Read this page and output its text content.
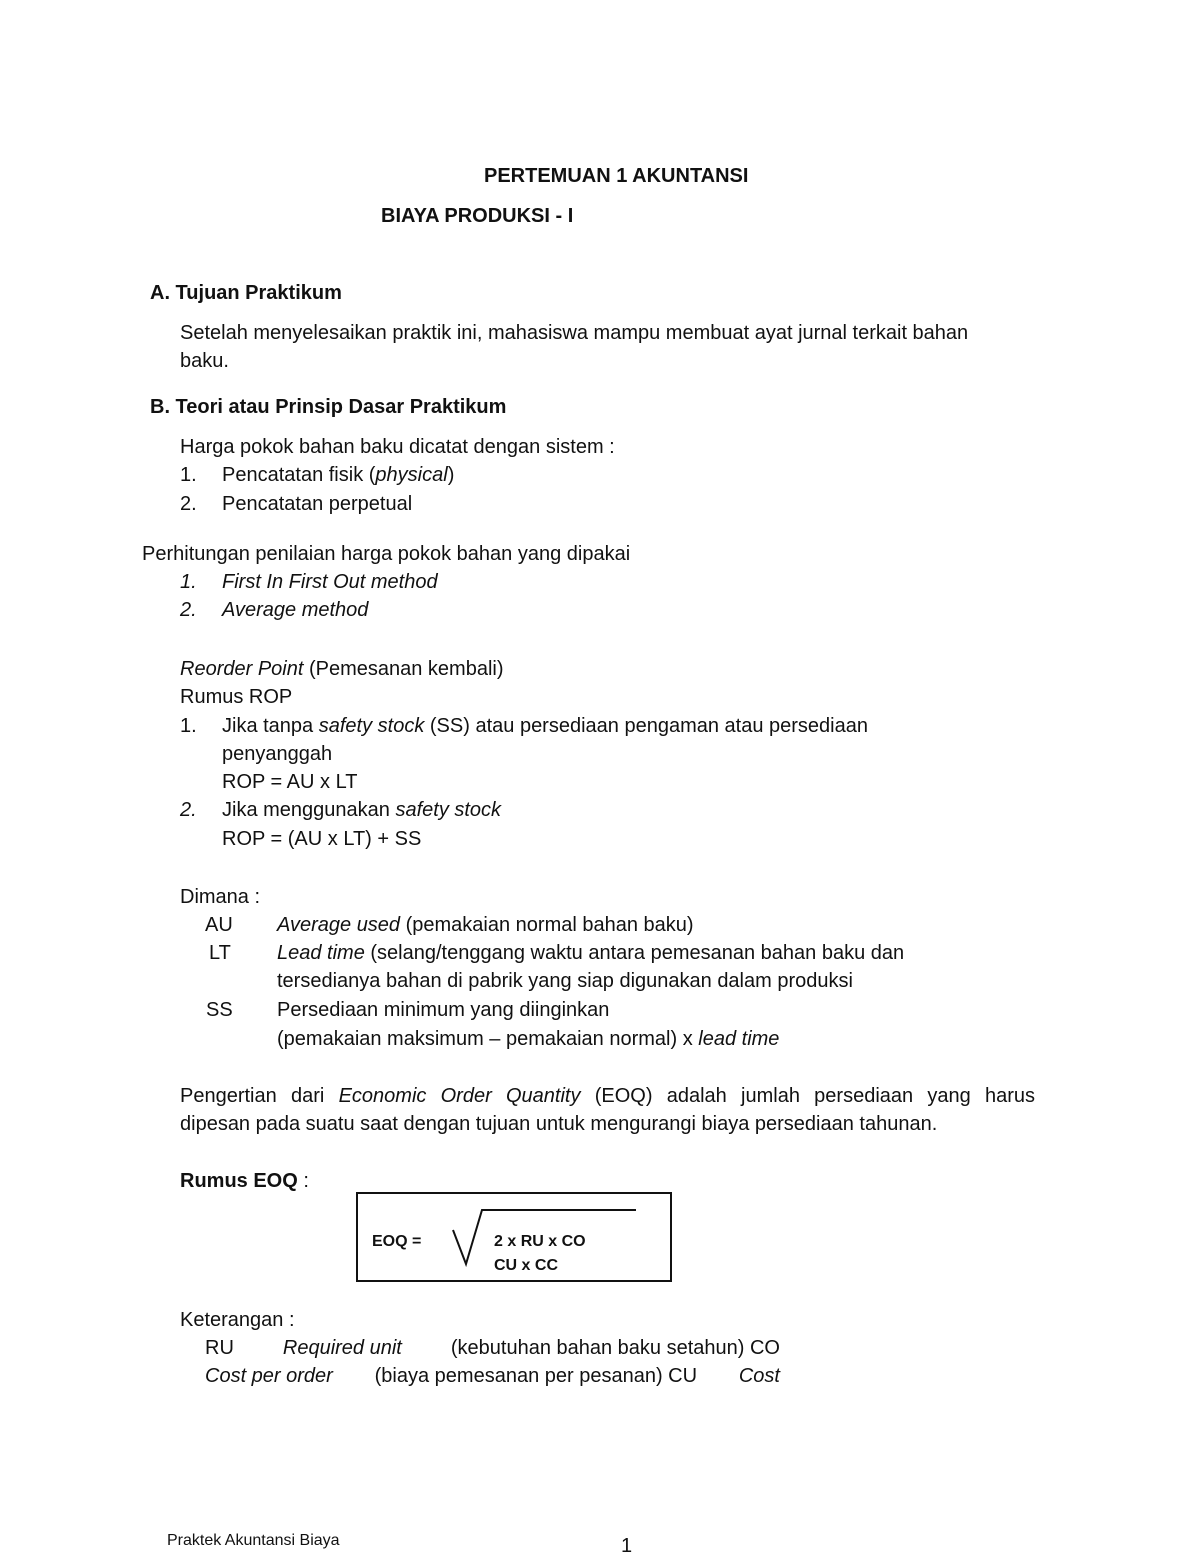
PERTEMUAN 1 AKUNTANSI
BIAYA PRODUKSI - I
A. Tujuan Praktikum
Setelah menyelesaikan praktik ini, mahasiswa mampu membuat ayat jurnal terkait bahan
baku.
B. Teori atau Prinsip Dasar Praktikum
Harga pokok bahan baku dicatat dengan sistem :
1. Pencatatan fisik (physical)
2. Pencatatan perpetual
Perhitungan penilaian harga pokok bahan yang dipakai
1. First In First Out method
2. Average method
Reorder Point (Pemesanan kembali)
Rumus ROP
1. Jika tanpa safety stock (SS) atau persediaan pengaman atau persediaan
penyanggah
ROP = AU x LT
2. Jika menggunakan safety stock
ROP = (AU x LT) + SS
Dimana :
AU Average used (pemakaian normal bahan baku)
LT Lead time (selang/tenggang waktu antara pemesanan bahan baku dan
tersedianya bahan di pabrik yang siap digunakan dalam produksi
SS Persediaan minimum yang diinginkan
(pemakaian maksimum – pemakaian normal) x lead time
Pengertian dari Economic Order Quantity (EOQ) adalah jumlah persediaan yang harus
dipesan pada suatu saat dengan tujuan untuk mengurangi biaya persediaan tahunan.
Rumus EOQ :
EOQ =	2 x RU x CO
CU x CC
Keterangan :
RU Required unit (kebutuhan bahan baku setahun) CO
Cost per order (biaya pemesanan per pesanan) CU Cost
Praktek Akuntansi Biaya	1
